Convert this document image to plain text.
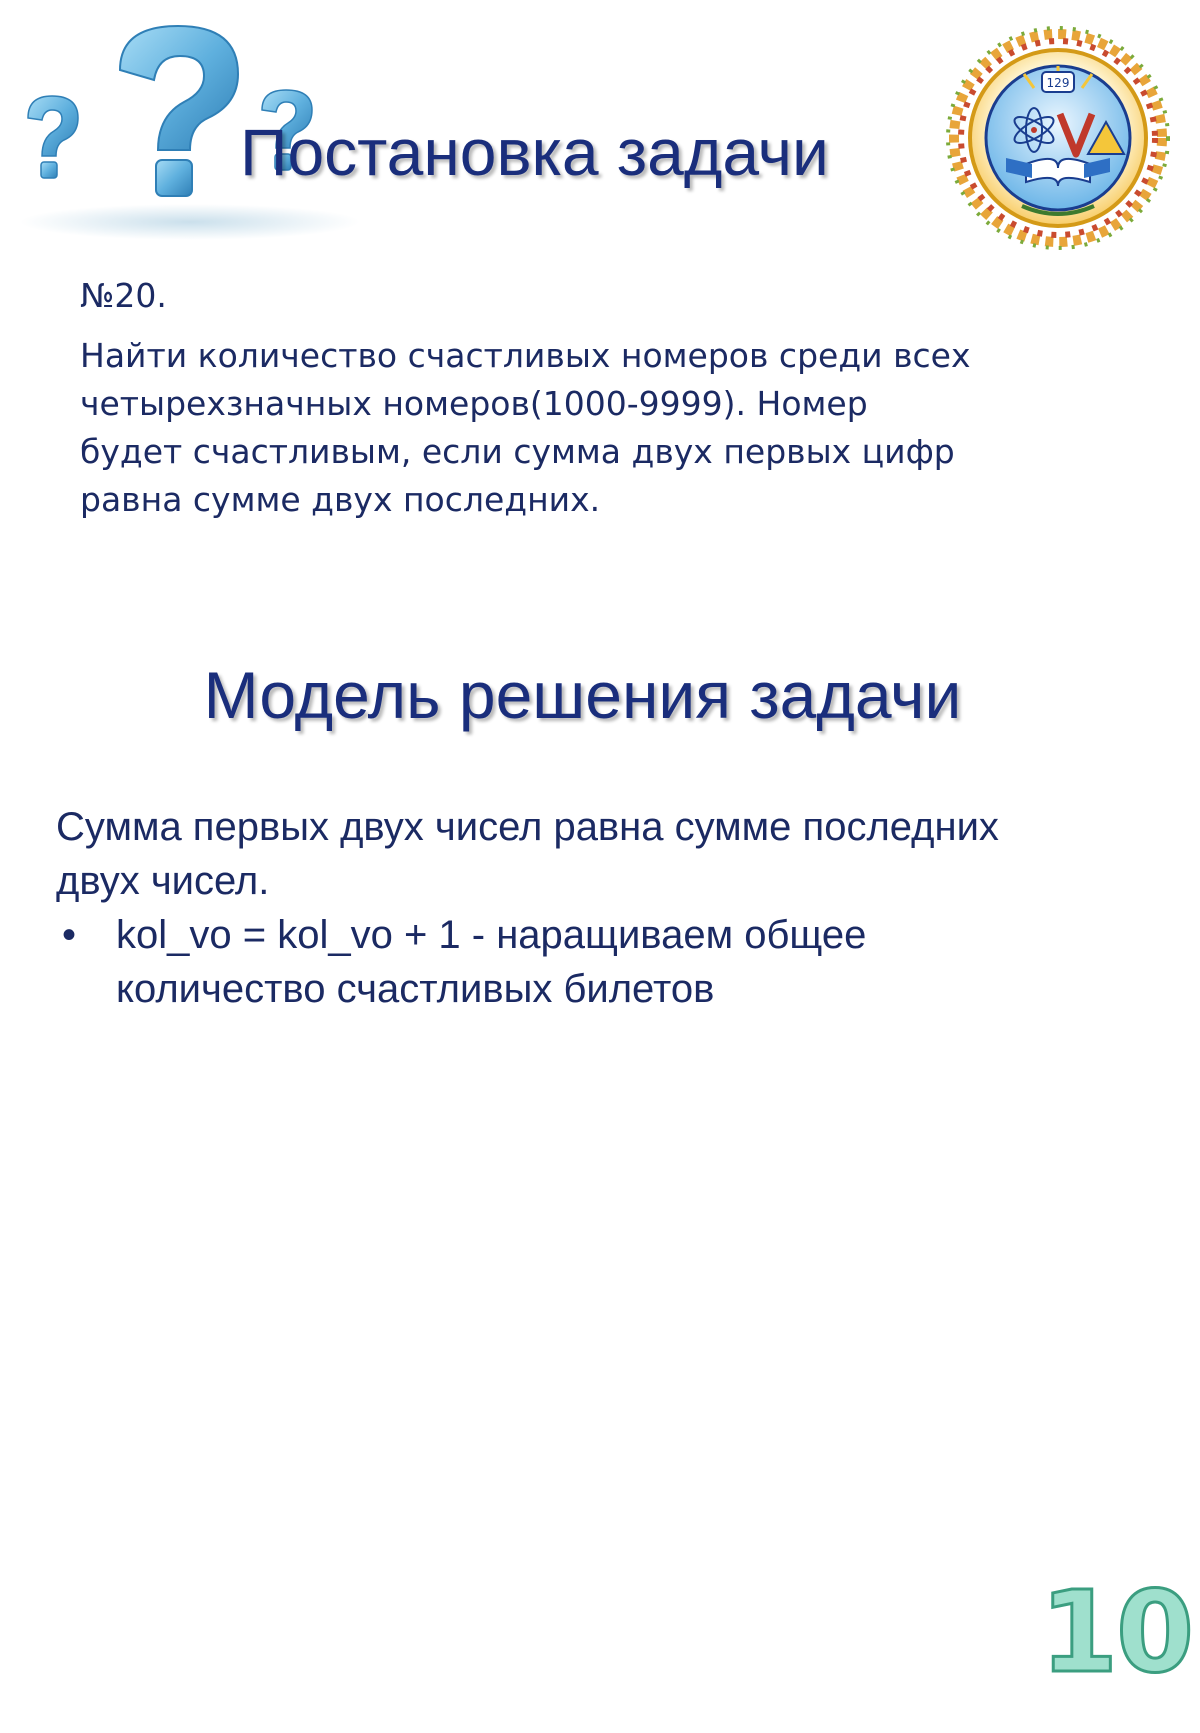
Постановка задачи
129

№20.

Найти количество счастливых номеров среди всех четырехзначных номеров(1000-9999). Номер будет счастливым, если сумма двух первых цифр равна сумме двух последних.

Модель решения задачи

Сумма первых двух чисел равна сумме последних двух чисел.

• kol_vo = kol_vo + 1 - наращиваем общее количество счастливых билетов

10
